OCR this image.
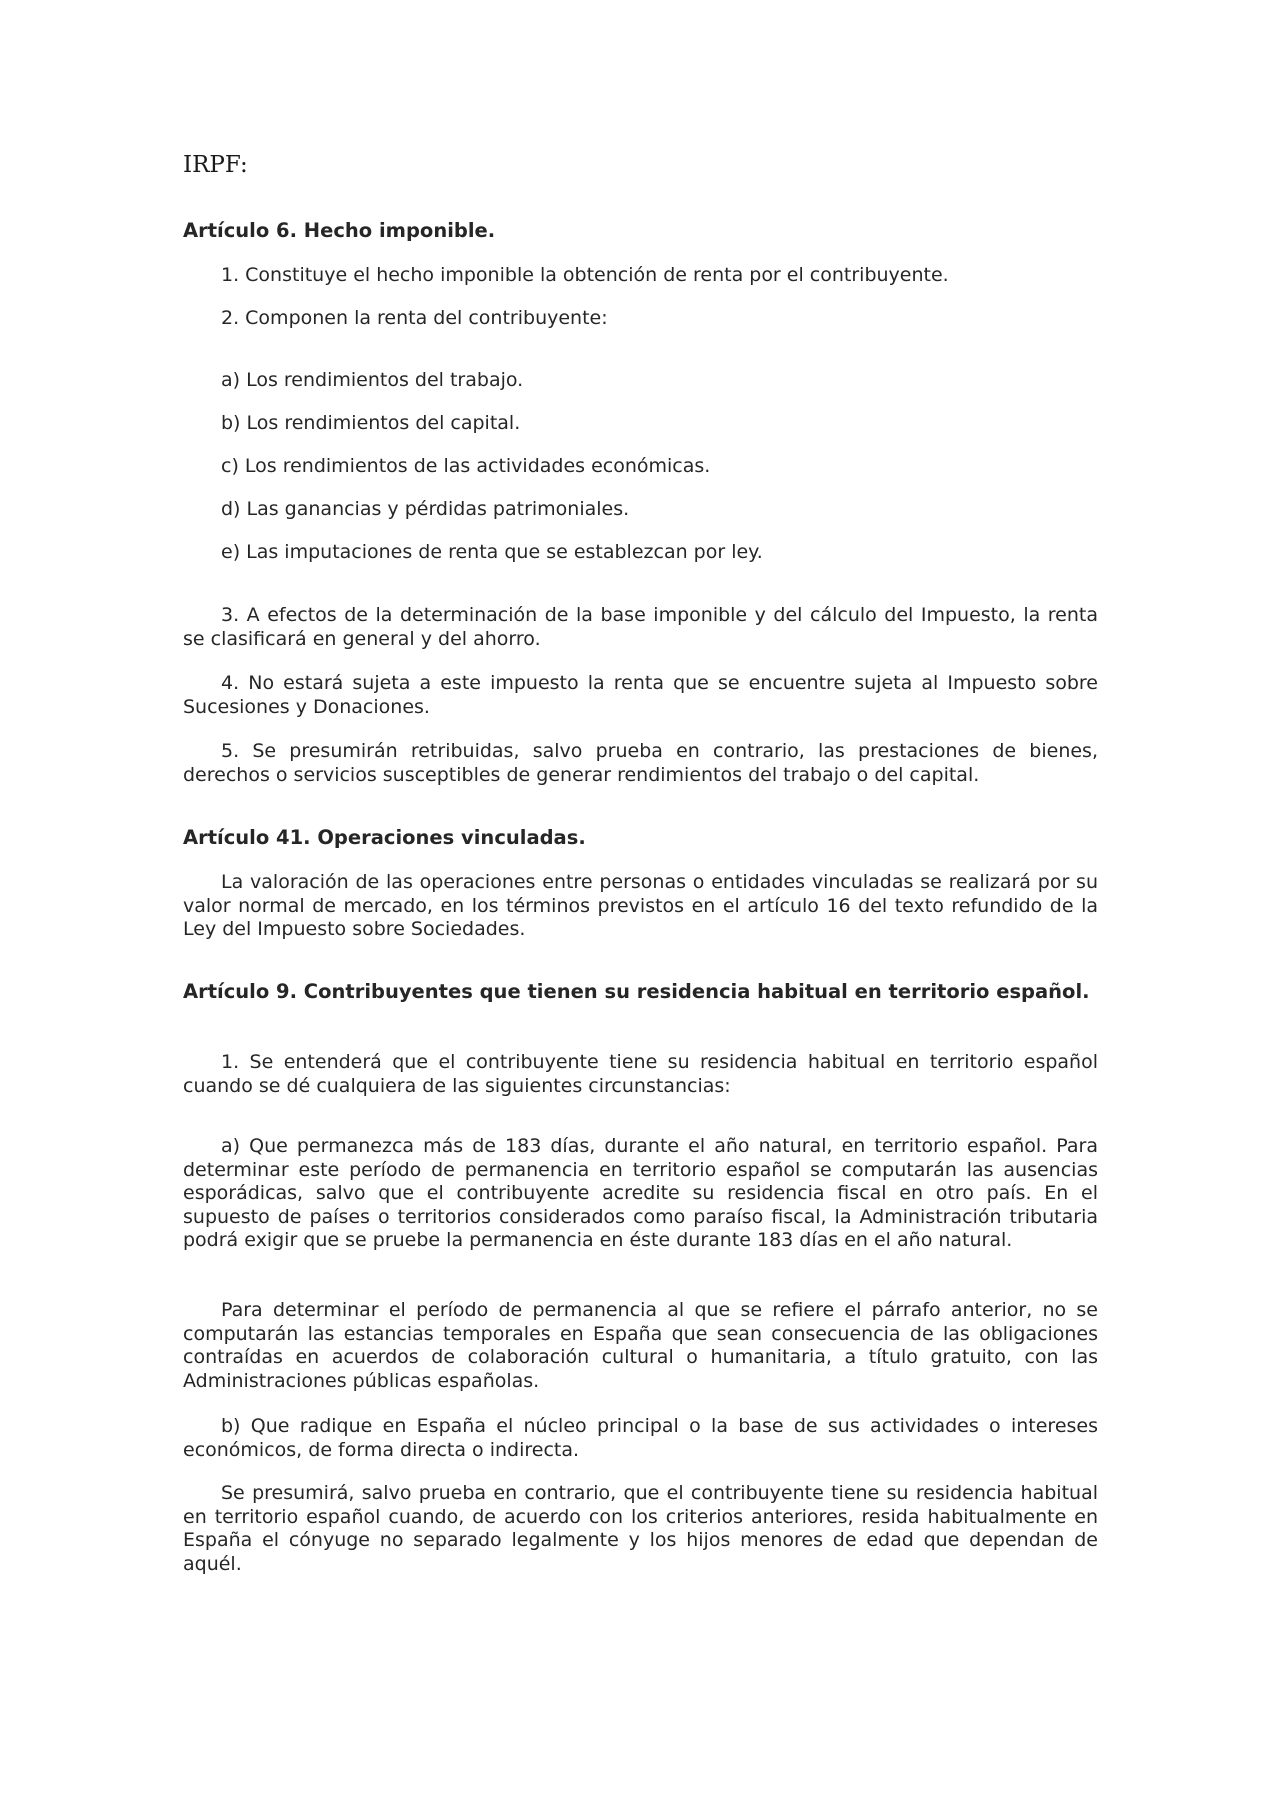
IRPF:
Artículo 6. Hecho imponible.

1. Constituye el hecho imponible la obtención de renta por el contribuyente.

2. Componen la renta del contribuyente:

a) Los rendimientos del trabajo.

b) Los rendimientos del capital.

c) Los rendimientos de las actividades económicas.

d) Las ganancias y pérdidas patrimoniales.

e) Las imputaciones de renta que se establezcan por ley.

3. A efectos de la determinación de la base imponible y del cálculo del Impuesto, la renta se clasificará en general y del ahorro.

4. No estará sujeta a este impuesto la renta que se encuentre sujeta al Impuesto sobre Sucesiones y Donaciones.

5. Se presumirán retribuidas, salvo prueba en contrario, las prestaciones de bienes, derechos o servicios susceptibles de generar rendimientos del trabajo o del capital.

Artículo 41. Operaciones vinculadas.

La valoración de las operaciones entre personas o entidades vinculadas se realizará por su valor normal de mercado, en los términos previstos en el artículo 16 del texto refundido de la Ley del Impuesto sobre Sociedades.

Artículo 9. Contribuyentes que tienen su residencia habitual en territorio español.

1. Se entenderá que el contribuyente tiene su residencia habitual en territorio español cuando se dé cualquiera de las siguientes circunstancias:

a) Que permanezca más de 183 días, durante el año natural, en territorio español. Para determinar este período de permanencia en territorio español se computarán las ausencias esporádicas, salvo que el contribuyente acredite su residencia fiscal en otro país. En el supuesto de países o territorios considerados como paraíso fiscal, la Administración tributaria podrá exigir que se pruebe la permanencia en éste durante 183 días en el año natural.

Para determinar el período de permanencia al que se refiere el párrafo anterior, no se computarán las estancias temporales en España que sean consecuencia de las obligaciones contraídas en acuerdos de colaboración cultural o humanitaria, a título gratuito, con las Administraciones públicas españolas.

b) Que radique en España el núcleo principal o la base de sus actividades o intereses económicos, de forma directa o indirecta.

Se presumirá, salvo prueba en contrario, que el contribuyente tiene su residencia habitual en territorio español cuando, de acuerdo con los criterios anteriores, resida habitualmente en España el cónyuge no separado legalmente y los hijos menores de edad que dependan de aquél.
